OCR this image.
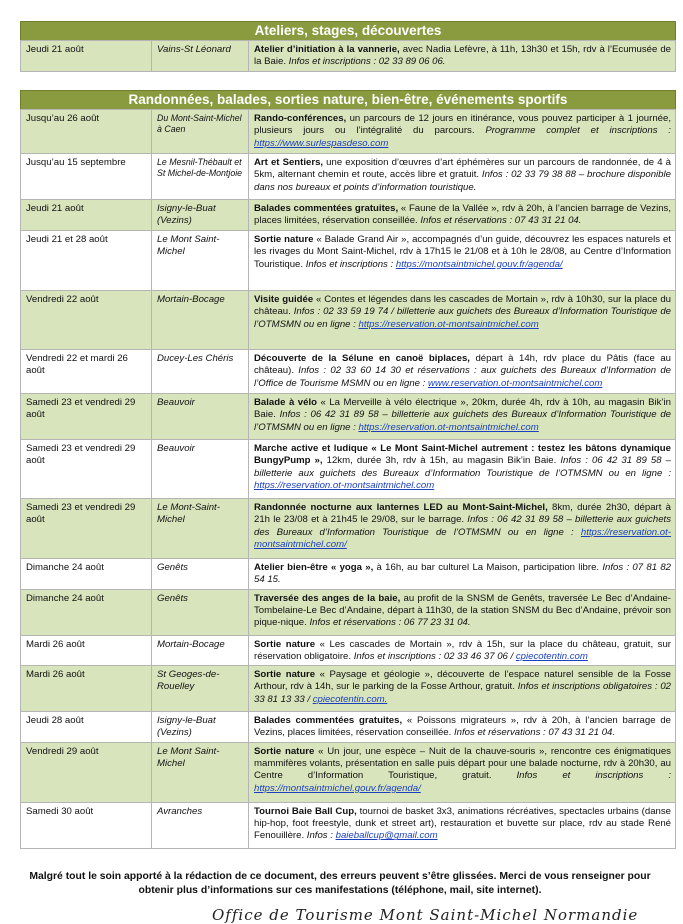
Ateliers, stages, découvertes
Jeudi 21 août	Vains-St Léonard	Atelier d’initiation à la vannerie, avec Nadia Lefèvre, à 11h, 13h30 et 15h, rdv à l’Ecumusée de la Baie. Infos et inscriptions : 02 33 89 06 06.
Randonnées, balades, sorties nature, bien-être, événements sportifs
Jusqu’au 26 août	Du Mont-Saint-Michel à Caen	Rando-conférences, un parcours de 12 jours en itinérance, vous pouvez participer à 1 journée, plusieurs jours ou l’intégralité du parcours. Programme complet et inscriptions : https://www.surlespasdeso.com
Jusqu’au 15 septembre	Le Mesnil-Thébault et St Michel-de-Montjoie	Art et Sentiers, une exposition d’œuvres d’art éphémères sur un parcours de randonnée, de 4 à 5km, alternant chemin et route, accès libre et gratuit. Infos : 02 33 79 38 88 – brochure disponible dans nos bureaux et points d’information touristique.
Jeudi 21 août	Isigny-le-Buat (Vezins)	Balades commentées gratuites, « Faune de la Vallée », rdv à 20h, à l’ancien barrage de Vezins, places limitées, réservation conseillée. Infos et réservations : 07 43 31 21 04.
Jeudi 21 et 28 août	Le Mont Saint-Michel	Sortie nature « Balade Grand Air », accompagnés d’un guide, découvrez les espaces naturels et les rivages du Mont Saint-Michel, rdv à 17h15 le 21/08 et à 10h le 28/08, au Centre d’Information Touristique. Infos et inscriptions : https://montsaintmichel.gouv.fr/agenda/
Vendredi 22 août	Mortain-Bocage	Visite guidée « Contes et légendes dans les cascades de Mortain », rdv à 10h30, sur la place du château. Infos : 02 33 59 19 74 / billetterie aux guichets des Bureaux d’Information Touristique de l’OTMSMN ou en ligne : https://reservation.ot-montsaintmichel.com
Vendredi 22 et mardi 26 août	Ducey-Les Chéris	Découverte de la Sélune en canoë biplaces, départ à 14h, rdv place du Pâtis (face au château). Infos : 02 33 60 14 30 et réservations : aux guichets des Bureaux d’Information de l’Office de Tourisme MSMN ou en ligne : www.reservation.ot-montsaintmichel.com
Samedi 23 et vendredi 29 août	Beauvoir	Balade à vélo « La Merveille à vélo électrique », 20km, durée 4h, rdv à 10h, au magasin Bik’in Baie. Infos : 06 42 31 89 58 – billetterie aux guichets des Bureaux d’Information Touristique de l’OTMSMN ou en ligne : https://reservation.ot-montsaintmichel.com
Samedi 23 et vendredi 29 août	Beauvoir	Marche active et ludique « Le Mont Saint-Michel autrement : testez les bâtons dynamique BungyPump », 12km, durée 3h, rdv à 15h, au magasin Bik’in Baie. Infos : 06 42 31 89 58 – billetterie aux guichets des Bureaux d’Information Touristique de l’OTMSMN ou en ligne : https://reservation.ot-montsaintmichel.com
Samedi 23 et vendredi 29 août	Le Mont-Saint-Michel	Randonnée nocturne aux lanternes LED au Mont-Saint-Michel, 8km, durée 2h30, départ à 21h le 23/08 et à 21h45 le 29/08, sur le barrage. Infos : 06 42 31 89 58 – billetterie aux guichets des Bureaux d’Information Touristique de l’OTMSMN ou en ligne : https://reservation.ot-montsaintmichel.com/
Dimanche 24 août	Genêts	Atelier bien-être « yoga », à 16h, au bar culturel La Maison, participation libre. Infos : 07 81 82 54 15.
Dimanche 24 août	Genêts	Traversée des anges de la baie, au profit de la SNSM de Genêts, traversée Le Bec d’Andaine-Tombelaine-Le Bec d’Andaine, départ à 11h30, de la station SNSM du Bec d’Andaine, prévoir son pique-nique. Infos et réservations : 06 77 23 31 04.
Mardi 26 août	Mortain-Bocage	Sortie nature « Les cascades de Mortain », rdv à 15h, sur la place du château, gratuit, sur réservation obligatoire. Infos et inscriptions : 02 33 46 37 06 / cpiecotentin.com
Mardi 26 août	St Geoges-de-Rouelley	Sortie nature « Paysage et géologie », découverte de l’espace naturel sensible de la Fosse Arthour, rdv à 14h, sur le parking de la Fosse Arthour, gratuit. Infos et inscriptions obligatoires : 02 33 81 13 33 / cpiecotentin.com.
Jeudi 28 août	Isigny-le-Buat (Vezins)	Balades commentées gratuites, « Poissons migrateurs », rdv à 20h, à l’ancien barrage de Vezins, places limitées, réservation conseillée. Infos et réservations : 07 43 31 21 04.
Vendredi 29 août	Le Mont Saint-Michel	Sortie nature « Un jour, une espèce – Nuit de la chauve-souris », rencontre ces énigmatiques mammifères volants, présentation en salle puis départ pour une balade nocturne, rdv à 20h30, au Centre d’Information Touristique, gratuit. Infos et inscriptions : https://montsaintmichel.gouv.fr/agenda/
Samedi 30 août	Avranches	Tournoi Baie Ball Cup, tournoi de basket 3x3, animations récréatives, spectacles urbains (danse hip-hop, foot freestyle, dunk et street art), restauration et buvette sur place, rdv au stade René Fenouillère. Infos : baieballcup@gmail.com
Malgré tout le soin apporté à la rédaction de ce document, des erreurs peuvent s’être glissées. Merci de vous renseigner pour obtenir plus d’informations sur ces manifestations (téléphone, mail, site internet).
Office de Tourisme Mont Saint-Michel Normandie
